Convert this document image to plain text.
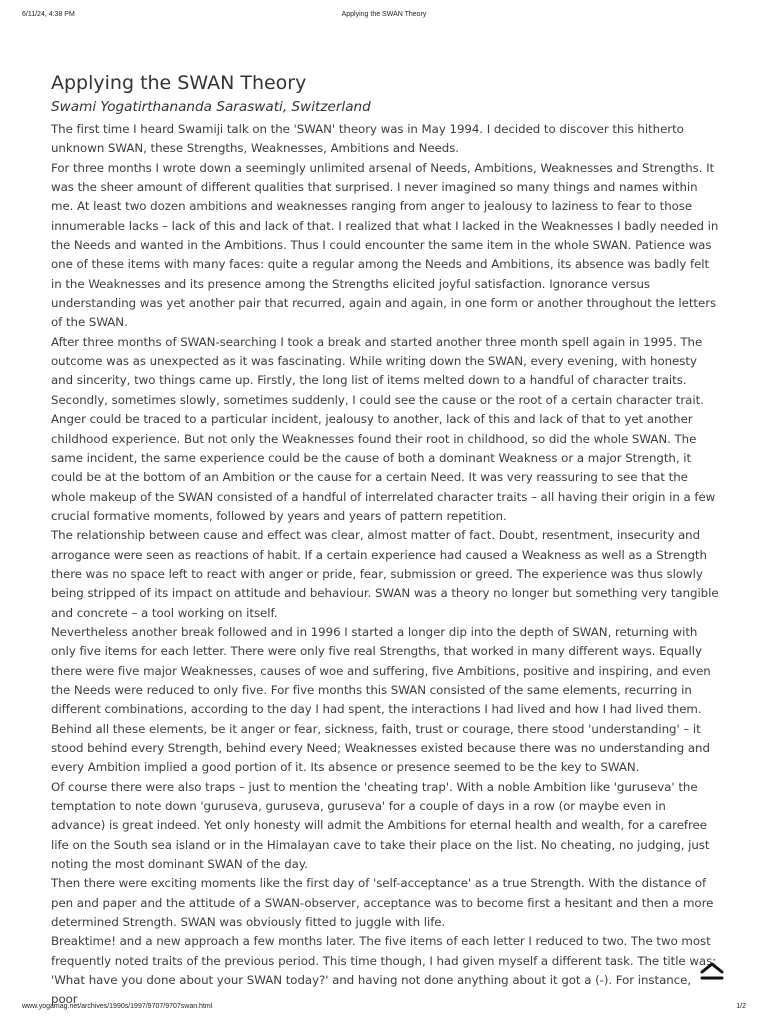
6/11/24, 4:38 PM	Applying the SWAN Theory
Applying the SWAN Theory

Swami Yogatirthananda Saraswati, Switzerland

The first time I heard Swamiji talk on the 'SWAN' theory was in May 1994. I decided to discover this hitherto unknown SWAN, these Strengths, Weaknesses, Ambitions and Needs.

For three months I wrote down a seemingly unlimited arsenal of Needs, Ambitions, Weaknesses and Strengths. It was the sheer amount of different qualities that surprised. I never imagined so many things and names within me. At least two dozen ambitions and weaknesses ranging from anger to jealousy to laziness to fear to those innumerable lacks – lack of this and lack of that. I realized that what I lacked in the Weaknesses I badly needed in the Needs and wanted in the Ambitions. Thus I could encounter the same item in the whole SWAN. Patience was one of these items with many faces: quite a regular among the Needs and Ambitions, its absence was badly felt in the Weaknesses and its presence among the Strengths elicited joyful satisfaction. Ignorance versus understanding was yet another pair that recurred, again and again, in one form or another throughout the letters of the SWAN.

After three months of SWAN-searching I took a break and started another three month spell again in 1995. The outcome was as unexpected as it was fascinating. While writing down the SWAN, every evening, with honesty and sincerity, two things came up. Firstly, the long list of items melted down to a handful of character traits. Secondly, sometimes slowly, sometimes suddenly, I could see the cause or the root of a certain character trait. Anger could be traced to a particular incident, jealousy to another, lack of this and lack of that to yet another childhood experience. But not only the Weaknesses found their root in childhood, so did the whole SWAN. The same incident, the same experience could be the cause of both a dominant Weakness or a major Strength, it could be at the bottom of an Ambition or the cause for a certain Need. It was very reassuring to see that the whole makeup of the SWAN consisted of a handful of interrelated character traits – all having their origin in a few crucial formative moments, followed by years and years of pattern repetition.

The relationship between cause and effect was clear, almost matter of fact. Doubt, resentment, insecurity and arrogance were seen as reactions of habit. If a certain experience had caused a Weakness as well as a Strength there was no space left to react with anger or pride, fear, submission or greed. The experience was thus slowly being stripped of its impact on attitude and behaviour. SWAN was a theory no longer but something very tangible and concrete – a tool working on itself.

Nevertheless another break followed and in 1996 I started a longer dip into the depth of SWAN, returning with only five items for each letter. There were only five real Strengths, that worked in many different ways. Equally there were five major Weaknesses, causes of woe and suffering, five Ambitions, positive and inspiring, and even the Needs were reduced to only five. For five months this SWAN consisted of the same elements, recurring in different combinations, according to the day I had spent, the interactions I had lived and how I had lived them. Behind all these elements, be it anger or fear, sickness, faith, trust or courage, there stood 'understanding' – it stood behind every Strength, behind every Need; Weaknesses existed because there was no understanding and every Ambition implied a good portion of it. Its absence or presence seemed to be the key to SWAN.

Of course there were also traps – just to mention the 'cheating trap'. With a noble Ambition like 'guruseva' the temptation to note down 'guruseva, guruseva, guruseva' for a couple of days in a row (or maybe even in advance) is great indeed. Yet only honesty will admit the Ambitions for eternal health and wealth, for a carefree life on the South sea island or in the Himalayan cave to take their place on the list. No cheating, no judging, just noting the most dominant SWAN of the day.

Then there were exciting moments like the first day of 'self-acceptance' as a true Strength. With the distance of pen and paper and the attitude of a SWAN-observer, acceptance was to become first a hesitant and then a more determined Strength. SWAN was obviously fitted to juggle with life.

Breaktime! and a new approach a few months later. The five items of each letter I reduced to two. The two most frequently noted traits of the previous period. This time though, I had given myself a different task. The title was: 'What have you done about your SWAN today?' and having not done anything about it got a (-). For instance, poor

www.yogamag.net/archives/1990s/1997/9707/9707swan.html	1/2
